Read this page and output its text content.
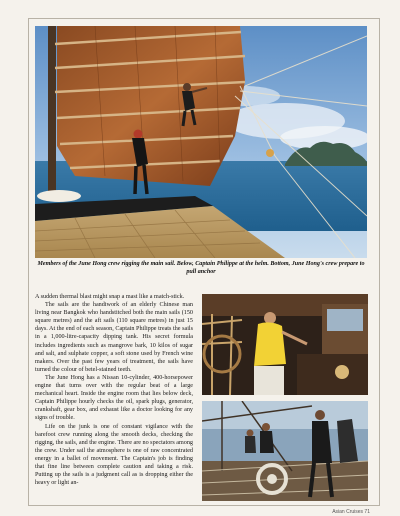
Members of the June Hong crew rigging the main sail. Below, Captain Philippe at the helm. Bottom, June Hong's crew prepare to pull anchor

A sudden thermal blast might snap a mast like a match-stick.

The sails are the handiwork of an elderly Chinese man living near Bangkok who handstitched both the main sails (150 square metres) and the aft sails (110 square metres) in just 15 days. At the end of each season, Captain Philippe treats the sails in a 1,000-litre-capacity dipping tank. His secret formula includes ingredients such as mangrove bark, 10 kilos of sugar and salt, and sulphate copper, a soft stone used by French wine makers. Over the past few years of treatment, the sails have turned the colour of betel-stained teeth.

The June Hong has a Nissan 10-cylinder, 400-horsepower engine that turns over with the regular beat of a large mechanical heart. Inside the engine room that lies below deck, Captain Philippe hourly checks the oil, spark plugs, generator, crankshaft, gear box, and exhaust like a doctor looking for any signs of trouble.

Life on the junk is one of constant vigilance with the barefoot crew running along the smooth decks, checking the rigging, the sails, and the engine. There are no spectators among the crew. Under sail the atmosphere is one of raw concentrated energy in a ballet of movement. The Captain's job is finding that fine line between complete caution and taking a risk. Putting up the sails is a judgment call as is dropping either the heavy or light an-

Asian Cruises 71
